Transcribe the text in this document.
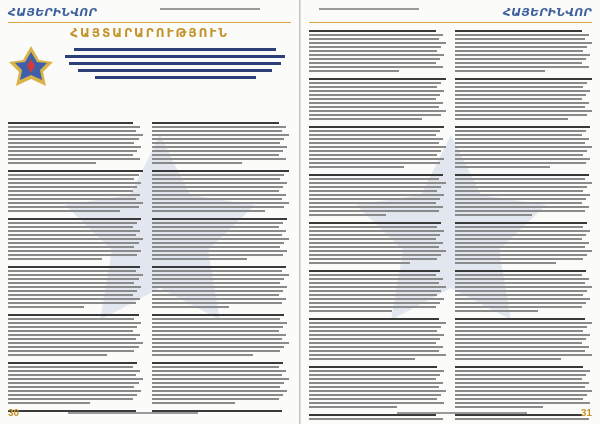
ՀԱՅԵՐԻՆՎՈՐ
ՀԱՅՏԱՐԱՐՈՒԹՅՈՒՆ
30
ՀԱՅԵՐԻՆՎՈՐ
31
